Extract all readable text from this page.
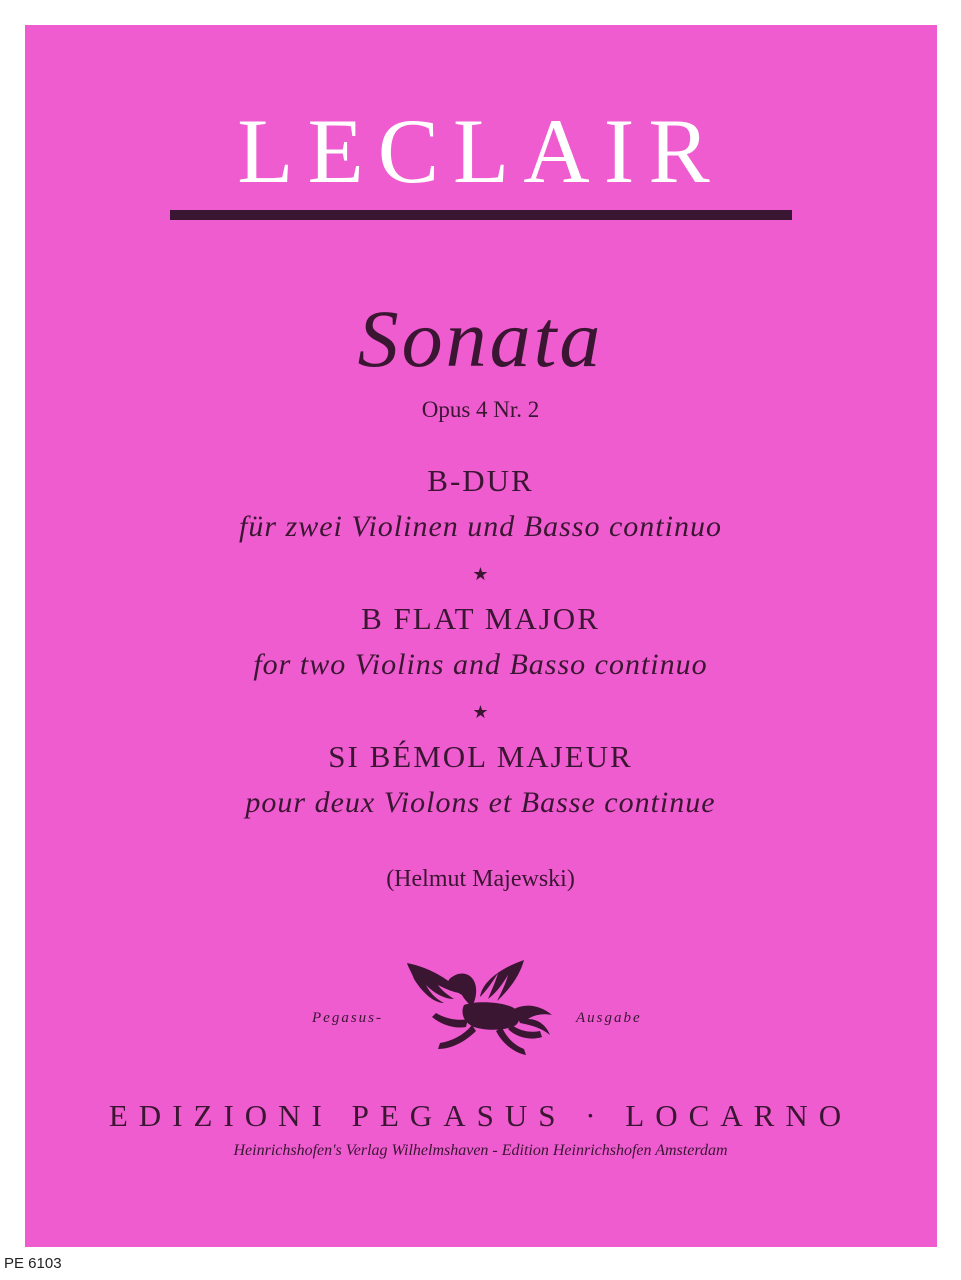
LECLAIR
Sonata
Opus 4 Nr. 2
B-DUR
für zwei Violinen und Basso continuo
★
B FLAT MAJOR
for two Violins and Basso continuo
★
SI BÉMOL MAJEUR
pour deux Violons et Basse continue
(Helmut Majewski)
Pegasus-	Ausgabe
EDIZIONI PEGASUS · LOCARNO
Heinrichshofen's Verlag Wilhelmshaven - Edition Heinrichshofen Amsterdam
PE 6103
